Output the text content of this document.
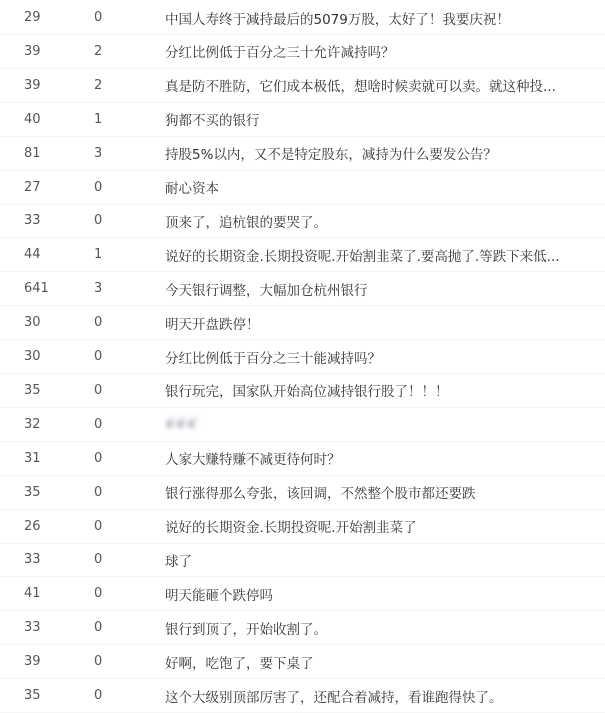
29	0	中国人寿终于减持最后的5079万股，太好了！我要庆祝！
39	2	分红比例低于百分之三十允许减持吗？
39	2	真是防不胜防，它们成本极低，想啥时候卖就可以卖。就这种投...
40	1	狗都不买的银行
81	3	持股5%以内，又不是特定股东，减持为什么要发公告？
27	0	耐心资本
33	0	顶来了，追杭银的要哭了。
44	1	说好的长期资金.长期投资呢.开始割韭菜了.要高抛了.等跌下来低...
641	3	今天银行调整，大幅加仓杭州银行
30	0	明天开盘跌停！
30	0	分红比例低于百分之三十能减持吗？
35	0	银行玩完，国家队开始高位减持银行股了！！！
32	0	ꗃꗃꗃ
31	0	人家大赚特赚不减更待何时？
35	0	银行涨得那么夸张，该回调，不然整个股市都还要跌
26	0	说好的长期资金.长期投资呢.开始割韭菜了
33	0	球了
41	0	明天能砸个跌停吗
33	0	银行到顶了，开始收割了。
39	0	好啊，吃饱了，要下桌了
35	0	这个大级别顶部厉害了，还配合着减持，看谁跑得快了。
